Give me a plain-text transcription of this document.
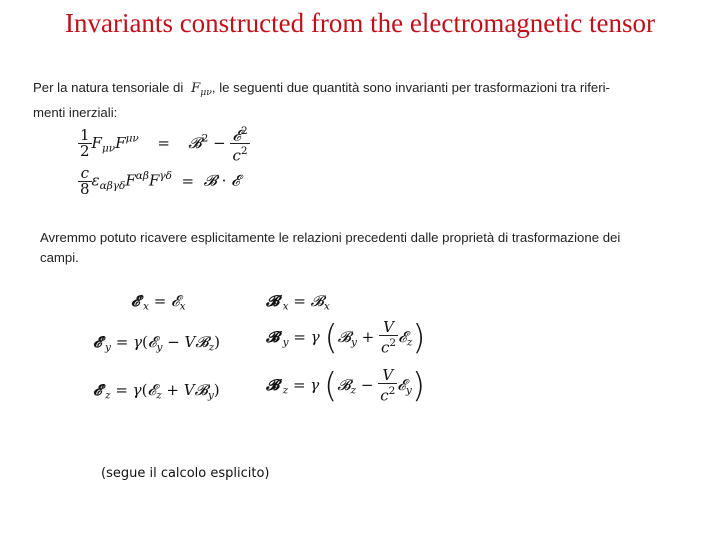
Invariants constructed from the electromagnetic tensor
Per la natura tensoriale di  $F_{\mu\nu}$, le seguenti due quantità sono invarianti per trasformazioni tra riferi-
menti inerziali:
$\frac{1}{2} F_{\mu\nu}F^{\mu\nu}$ = 𝓑$^2$ − $\frac{𝓔^2}{c^2}$
$\frac{c}{8} \varepsilon_{\alpha\beta\gamma\delta}F^{\alpha\beta}F^{\gamma\delta}$ = 𝓑 · 𝓔
Avremmo potuto ricavere esplicitamente le relazioni precedenti dalle proprietà di trasformazione dei
campi.
$𝓔'_x$ = 𝓔$_x$	$𝓑'_x$ = 𝓑$_x$
$𝓔'_y$ = γ(𝓔$_y$ − V𝓑$_z$)	$𝓑'_y = \gamma$ (𝓑$_y$ + $\frac{V}{c^2}$ 𝓔$_z$)
$𝓔'_z$ = γ(𝓔$_z$ + V𝓑$_y$)	$𝓑'_z = \gamma$ (𝓑$_z$ − $\frac{V}{c^2}$ 𝓔$_y$)
(segue il calcolo esplicito)
